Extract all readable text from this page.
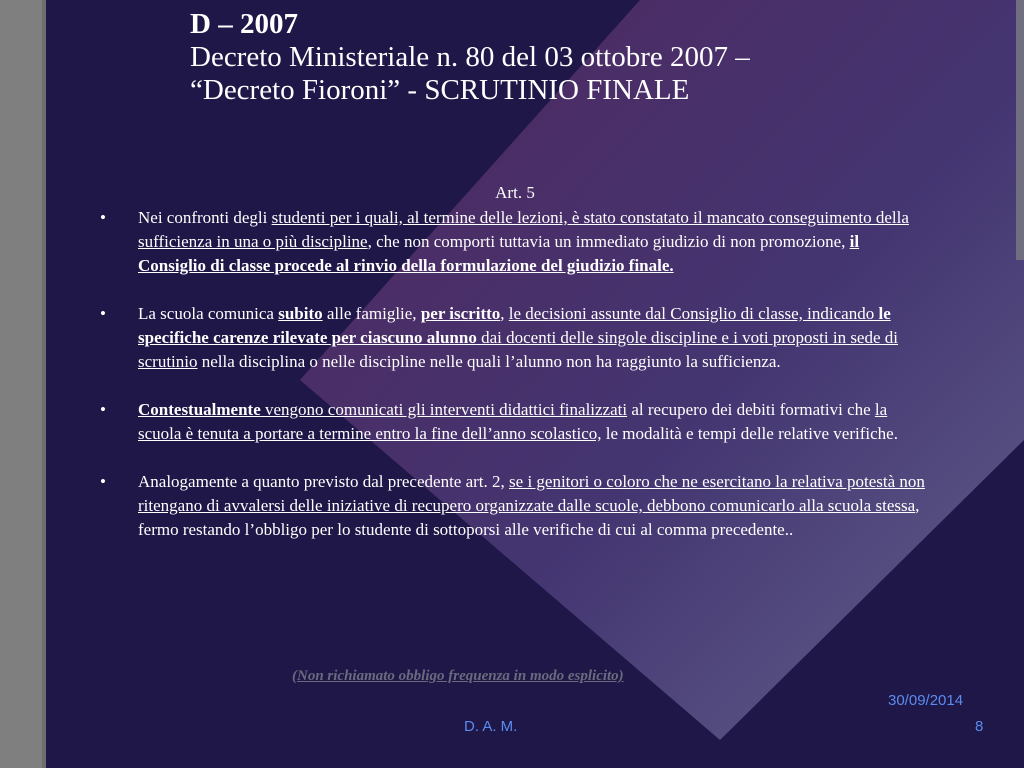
D – 2007
Decreto Ministeriale n. 80 del 03 ottobre 2007 –
“Decreto Fioroni” - SCRUTINIO FINALE
Art. 5
•	Nei confronti degli studenti per i quali, al termine delle lezioni, è stato constatato il mancato conseguimento della sufficienza in una o più discipline, che non comporti tuttavia un immediato giudizio di non promozione, il Consiglio di classe procede al rinvio della formulazione del giudizio finale.
•	La scuola comunica subito alle famiglie, per iscritto, le decisioni assunte dal Consiglio di classe, indicando le specifiche carenze rilevate per ciascuno alunno dai docenti delle singole discipline e i voti proposti in sede di scrutinio nella disciplina o nelle discipline nelle quali l’alunno non ha raggiunto la sufficienza.
•	Contestualmente vengono comunicati gli interventi didattici finalizzati al recupero dei debiti formativi che la scuola è tenuta a portare a termine entro la fine dell’anno scolastico, le modalità e tempi delle relative verifiche.
•	Analogamente a quanto previsto dal precedente art. 2, se i genitori o coloro che ne esercitano la relativa potestà non ritengano di avvalersi delle iniziative di recupero organizzate dalle scuole, debbono comunicarlo alla scuola stessa, fermo restando l’obbligo per lo studente di sottoporsi alle verifiche di cui al comma precedente..
(Non richiamato obbligo frequenza in modo esplicito)
D. A. M.
30/09/2014
8
